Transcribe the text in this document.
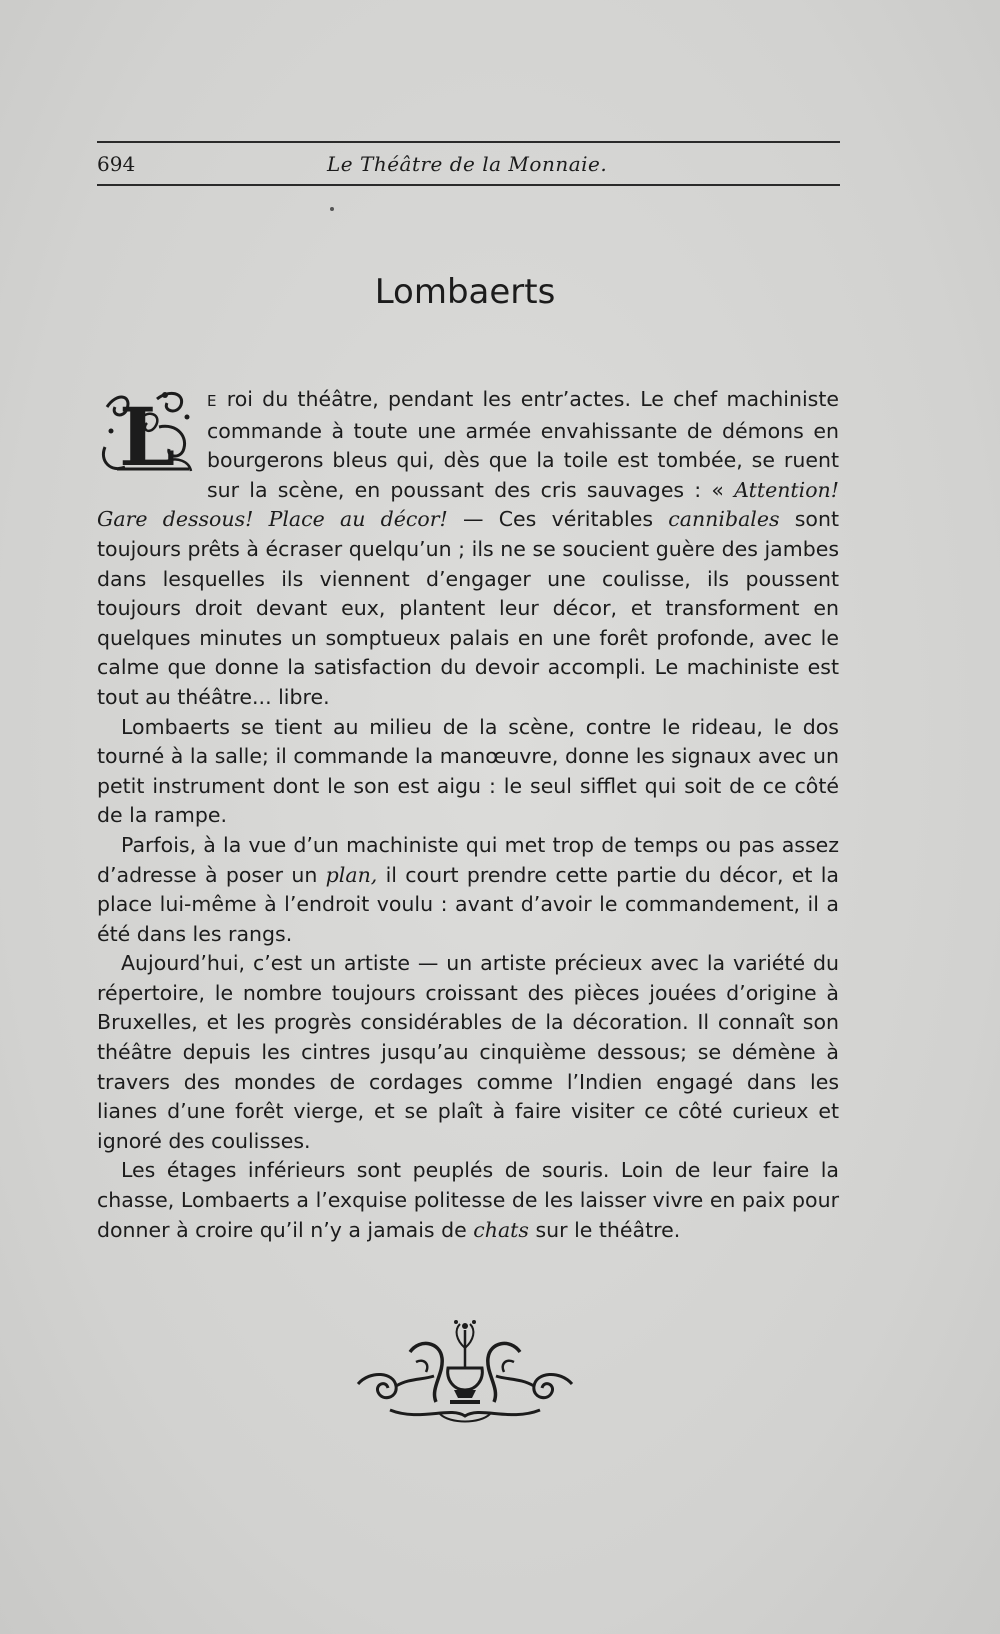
694	Le Théâtre de la Monnaie.
Lombaerts

L E roi du théâtre, pendant les entr’actes. Le chef machiniste commande à toute une armée envahissante de démons en bourgerons bleus qui, dès que la toile est tombée, se ruent sur la scène, en poussant des cris sauvages : « Attention! Gare dessous! Place au décor! — Ces véritables cannibales sont toujours prêts à écraser quelqu’un ; ils ne se soucient guère des jambes dans lesquelles ils viennent d’engager une coulisse, ils poussent toujours droit devant eux, plantent leur décor, et transforment en quelques minutes un somptueux palais en une forêt profonde, avec le calme que donne la satisfaction du devoir accompli. Le machiniste est tout au théâtre... libre.

Lombaerts se tient au milieu de la scène, contre le rideau, le dos tourné à la salle; il commande la manœuvre, donne les signaux avec un petit instrument dont le son est aigu : le seul sifflet qui soit de ce côté de la rampe.

Parfois, à la vue d’un machiniste qui met trop de temps ou pas assez d’adresse à poser un plan, il court prendre cette partie du décor, et la place lui-même à l’endroit voulu : avant d’avoir le commandement, il a été dans les rangs.

Aujourd’hui, c’est un artiste — un artiste précieux avec la variété du répertoire, le nombre toujours croissant des pièces jouées d’origine à Bruxelles, et les progrès considérables de la décoration. Il connaît son théâtre depuis les cintres jusqu’au cinquième dessous; se démène à travers des mondes de cordages comme l’Indien engagé dans les lianes d’une forêt vierge, et se plaît à faire visiter ce côté curieux et ignoré des coulisses.

Les étages inférieurs sont peuplés de souris. Loin de leur faire la chasse, Lombaerts a l’exquise politesse de les laisser vivre en paix pour donner à croire qu’il n’y a jamais de chats sur le théâtre.
